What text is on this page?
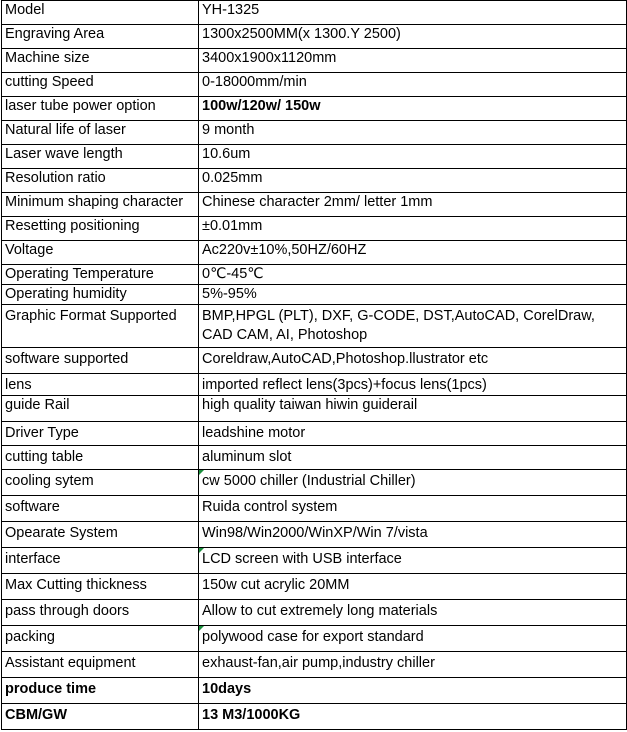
Model	YH-1325
Engraving Area	1300x2500MM(x 1300.Y 2500)
Machine size	3400x1900x1120mm
cutting Speed	0-18000mm/min
laser tube power option	100w/120w/ 150w
Natural life of laser	9 month
Laser wave length	10.6um
Resolution ratio	0.025mm
Minimum shaping character	Chinese character 2mm/ letter 1mm
Resetting positioning	±0.01mm
Voltage	Ac220v±10%,50HZ/60HZ
Operating Temperature	0℃-45℃
Operating humidity	5%-95%
Graphic Format Supported	BMP,HPGL (PLT), DXF, G-CODE, DST,AutoCAD, CorelDraw, CAD CAM, AI, Photoshop
software supported	Coreldraw,AutoCAD,Photoshop.llustrator etc
lens	imported reflect lens(3pcs)+focus lens(1pcs)
guide Rail	high quality taiwan hiwin guiderail
Driver Type	leadshine motor
cutting table	aluminum slot
cooling sytem	cw 5000 chiller (Industrial Chiller)
software	Ruida control system
Opearate System	Win98/Win2000/WinXP/Win 7/vista
interface	LCD screen with USB interface
Max Cutting thickness	150w cut acrylic 20MM
pass through doors	Allow to cut extremely long materials
packing	polywood case for export standard
Assistant equipment	exhaust-fan,air pump,industry chiller
produce time	10days
CBM/GW	13 M3/1000KG
